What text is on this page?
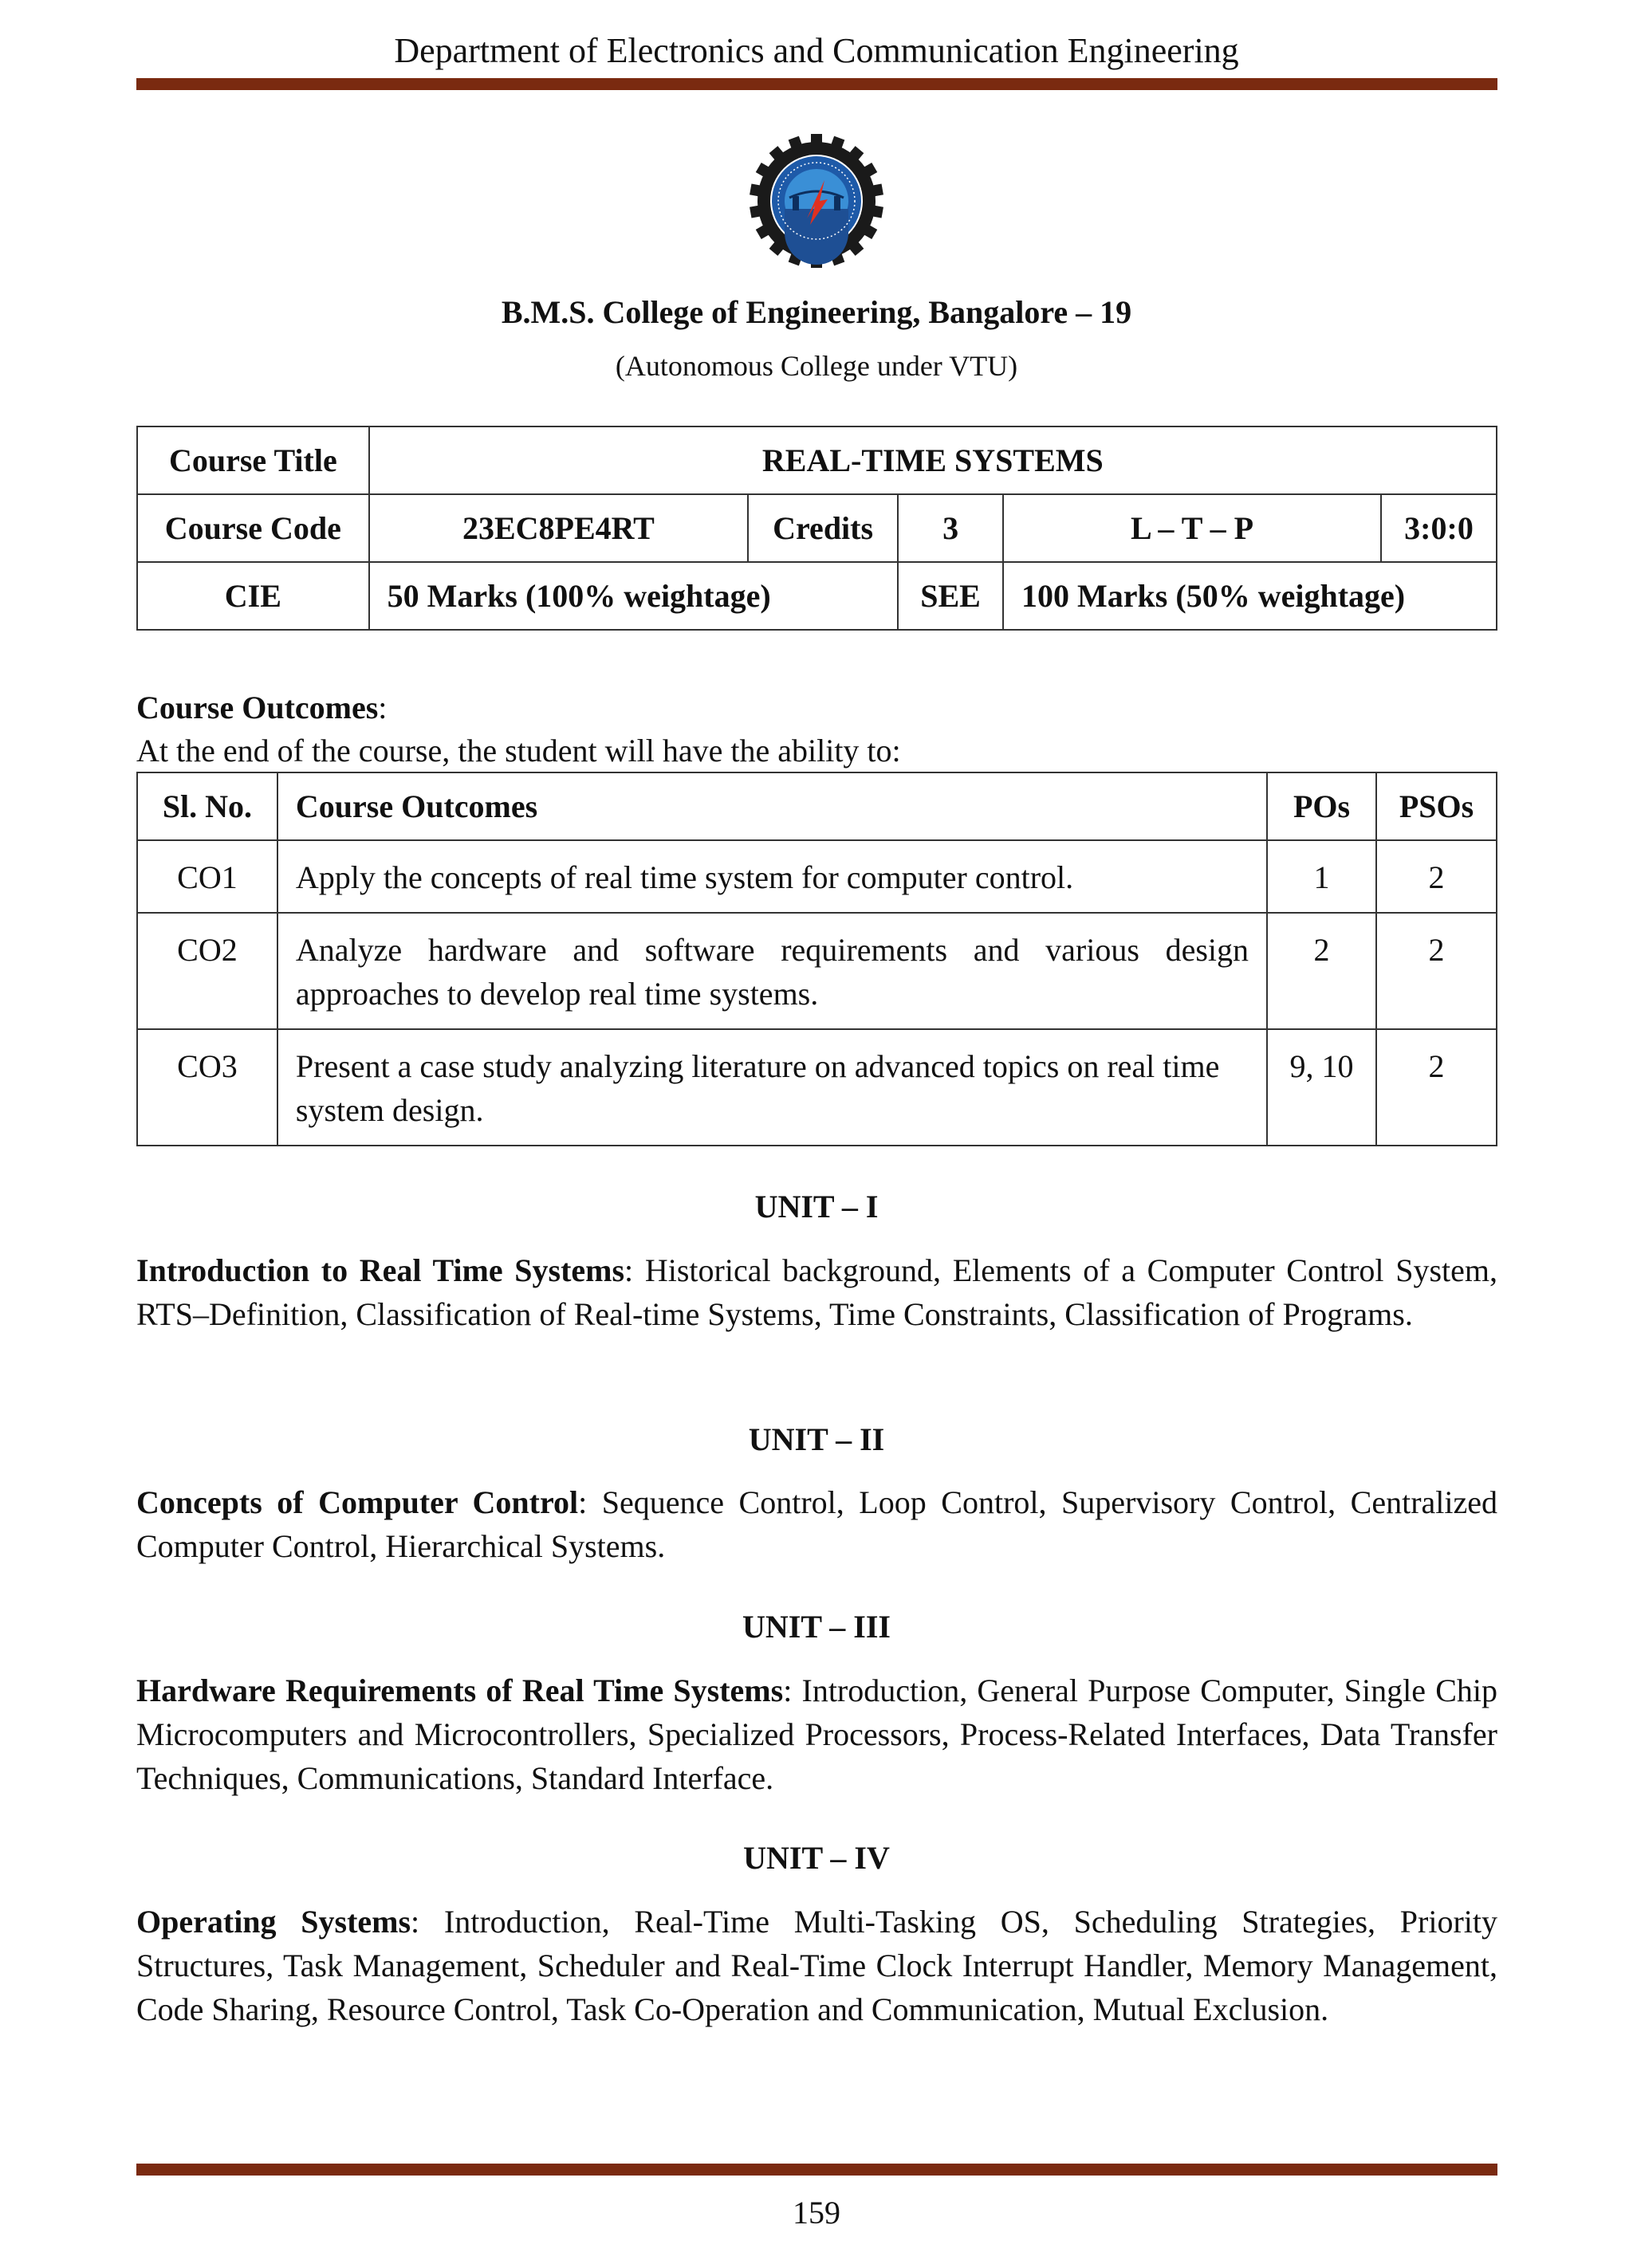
Department of Electronics and Communication Engineering
B.M.S. College of Engineering, Bangalore – 19
(Autonomous College under VTU)
Course Title	REAL-TIME SYSTEMS				
Course Code	23EC8PE4RT	Credits	3	L – T – P	3:0:0
CIE	50 Marks (100% weightage)		SEE	100 Marks (50% weightage)	
Course Outcomes:
At the end of the course, the student will have the ability to:
Sl. No.	Course Outcomes	POs	PSOs
CO1	Apply the concepts of real time system for computer control.	1	2
CO2	Analyze hardware and software requirements and various design approaches to develop real time systems.	2	2
CO3	Present a case study analyzing literature on advanced topics on real time system design.	9, 10	2
UNIT – I
Introduction to Real Time Systems: Historical background, Elements of a Computer Control System, RTS–Definition, Classification of Real-time Systems, Time Constraints, Classification of Programs.
UNIT – II
Concepts of Computer Control: Sequence Control, Loop Control, Supervisory Control, Centralized Computer Control, Hierarchical Systems.
UNIT – III
Hardware Requirements of Real Time Systems: Introduction, General Purpose Computer, Single Chip Microcomputers and Microcontrollers, Specialized Processors, Process-Related Interfaces, Data Transfer Techniques, Communications, Standard Interface.
UNIT – IV
Operating Systems: Introduction, Real-Time Multi-Tasking OS, Scheduling Strategies, Priority Structures, Task Management, Scheduler and Real-Time Clock Interrupt Handler, Memory Management, Code Sharing, Resource Control, Task Co-Operation and Communication, Mutual Exclusion.
159
